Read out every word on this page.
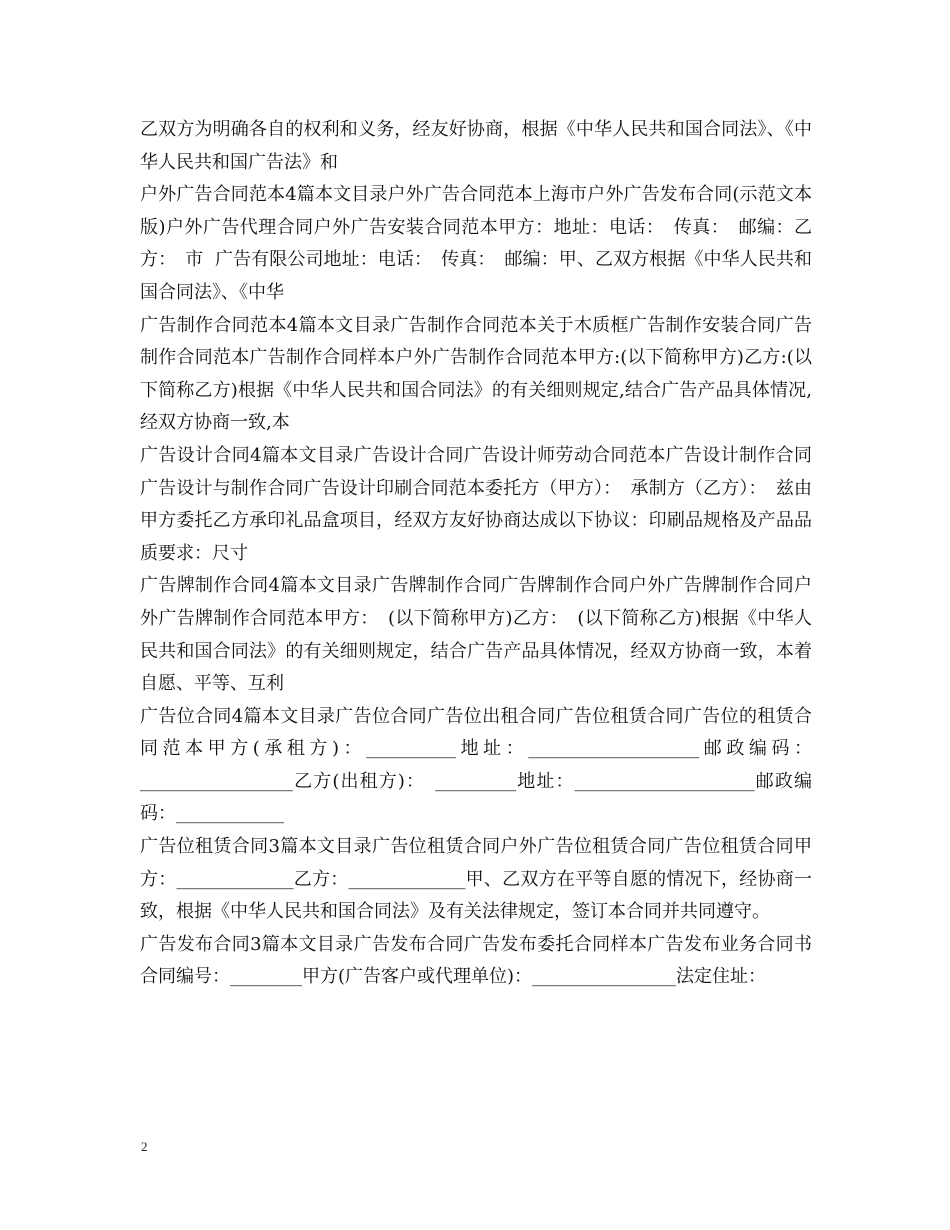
乙双方为明确各自的权利和义务，经友好协商，根据《中华人民共和国合同法》、《中华人民共和国广告法》和

户外广告合同范本4篇本文目录户外广告合同范本上海市户外广告发布合同(示范文本版)户外广告代理合同户外广告安装合同范本甲方：地址：电话：　传真：　邮编：乙方：　市  广告有限公司地址：电话：　传真：　邮编：甲、乙双方根据《中华人民共和国合同法》、《中华

广告制作合同范本4篇本文目录广告制作合同范本关于木质框广告制作安装合同广告制作合同范本广告制作合同样本户外广告制作合同范本甲方:(以下简称甲方)乙方:(以下简称乙方)根据《中华人民共和国合同法》的有关细则规定,结合广告产品具体情况,经双方协商一致,本

广告设计合同4篇本文目录广告设计合同广告设计师劳动合同范本广告设计制作合同广告设计与制作合同广告设计印刷合同范本委托方（甲方）：　承制方（乙方）：　兹由甲方委托乙方承印礼品盒项目，经双方友好协商达成以下协议：印刷品规格及产品品质要求：尺寸

广告牌制作合同4篇本文目录广告牌制作合同广告牌制作合同户外广告牌制作合同户外广告牌制作合同范本甲方：　(以下简称甲方)乙方：　(以下简称乙方)根据《中华人民共和国合同法》的有关细则规定，结合广告产品具体情况，经双方协商一致，本着自愿、平等、互利

广告位合同4篇本文目录广告位合同广告位出租合同广告位租赁合同广告位的租赁合同范本甲方(承租方)：__________地址：___________________邮政编码：_________________乙方(出租方)：　_________地址：____________________邮政编码：____________

广告位租赁合同3篇本文目录广告位租赁合同户外广告位租赁合同广告位租赁合同甲方：_____________乙方：_____________甲、乙双方在平等自愿的情况下，经协商一致，根据《中华人民共和国合同法》及有关法律规定，签订本合同并共同遵守。

广告发布合同3篇本文目录广告发布合同广告发布委托合同样本广告发布业务合同书合同编号：________甲方(广告客户或代理单位)：________________法定住址：

2
